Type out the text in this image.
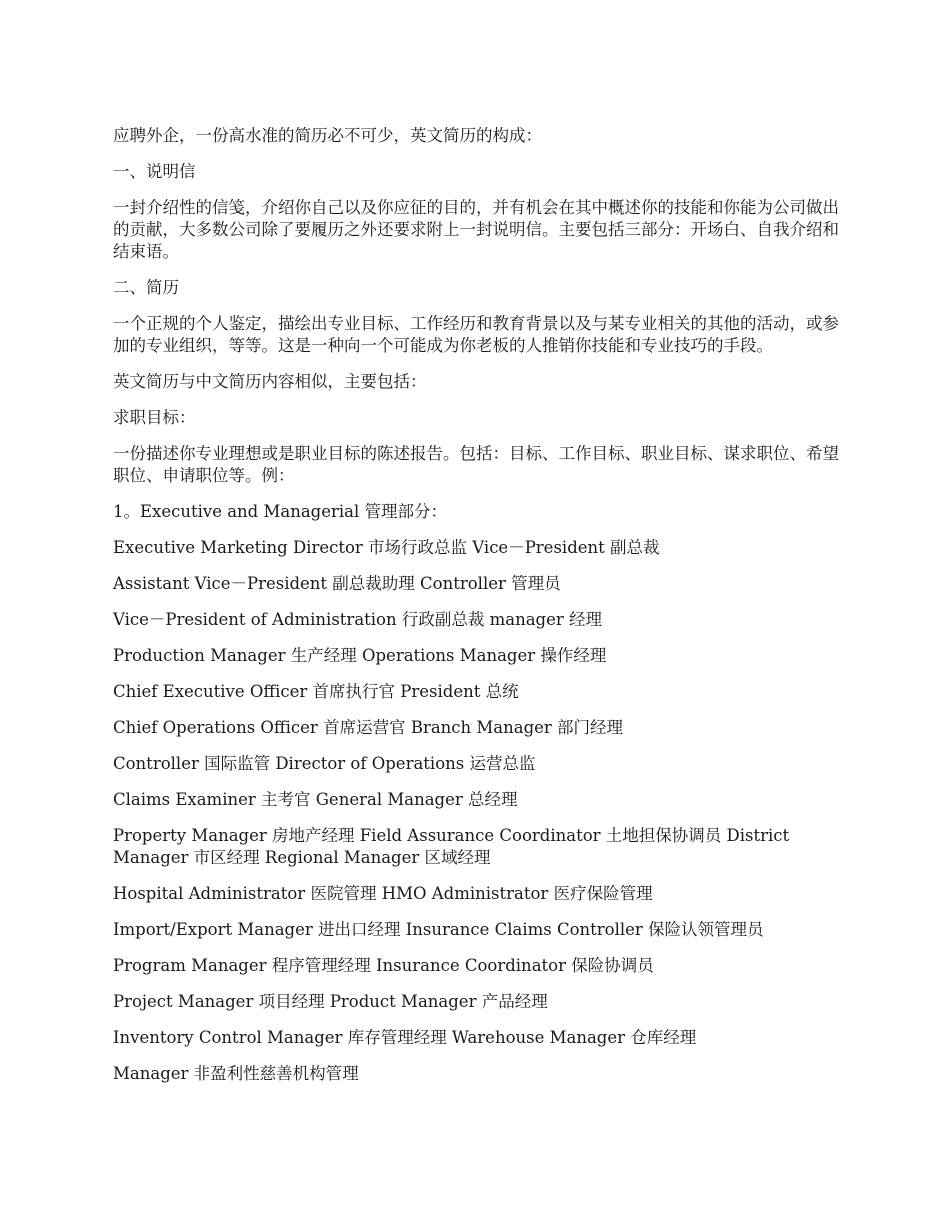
应聘外企，一份高水准的简历必不可少，英文简历的构成：

一、说明信

一封介绍性的信笺，介绍你自己以及你应征的目的，并有机会在其中概述你的技能和你能为公司做出的贡献，大多数公司除了要履历之外还要求附上一封说明信。主要包括三部分：开场白、自我介绍和结束语。

二、简历

一个正规的个人鉴定，描绘出专业目标、工作经历和教育背景以及与某专业相关的其他的活动，或参加的专业组织，等等。这是一种向一个可能成为你老板的人推销你技能和专业技巧的手段。

英文简历与中文简历内容相似，主要包括：

求职目标：

一份描述你专业理想或是职业目标的陈述报告。包括：目标、工作目标、职业目标、谋求职位、希望职位、申请职位等。例：

1。Executive and Managerial 管理部分：

Executive Marketing Director 市场行政总监 Vice－President 副总裁

Assistant Vice－President 副总裁助理 Controller 管理员

Vice－President of Administration 行政副总裁 manager 经理

Production Manager 生产经理 Operations Manager 操作经理

Chief Executive Officer 首席执行官 President 总统

Chief Operations Officer 首席运营官 Branch Manager 部门经理

Controller 国际监管 Director of Operations 运营总监

Claims Examiner 主考官 General Manager 总经理

Property Manager 房地产经理 Field Assurance Coordinator 土地担保协调员 District Manager 市区经理 Regional Manager 区域经理

Hospital Administrator 医院管理 HMO Administrator 医疗保险管理

Import/Export Manager 进出口经理 Insurance Claims Controller 保险认领管理员

Program Manager 程序管理经理 Insurance Coordinator 保险协调员

Project Manager 项目经理 Product Manager 产品经理

Inventory Control Manager 库存管理经理 Warehouse Manager 仓库经理

Manager 非盈利性慈善机构管理
